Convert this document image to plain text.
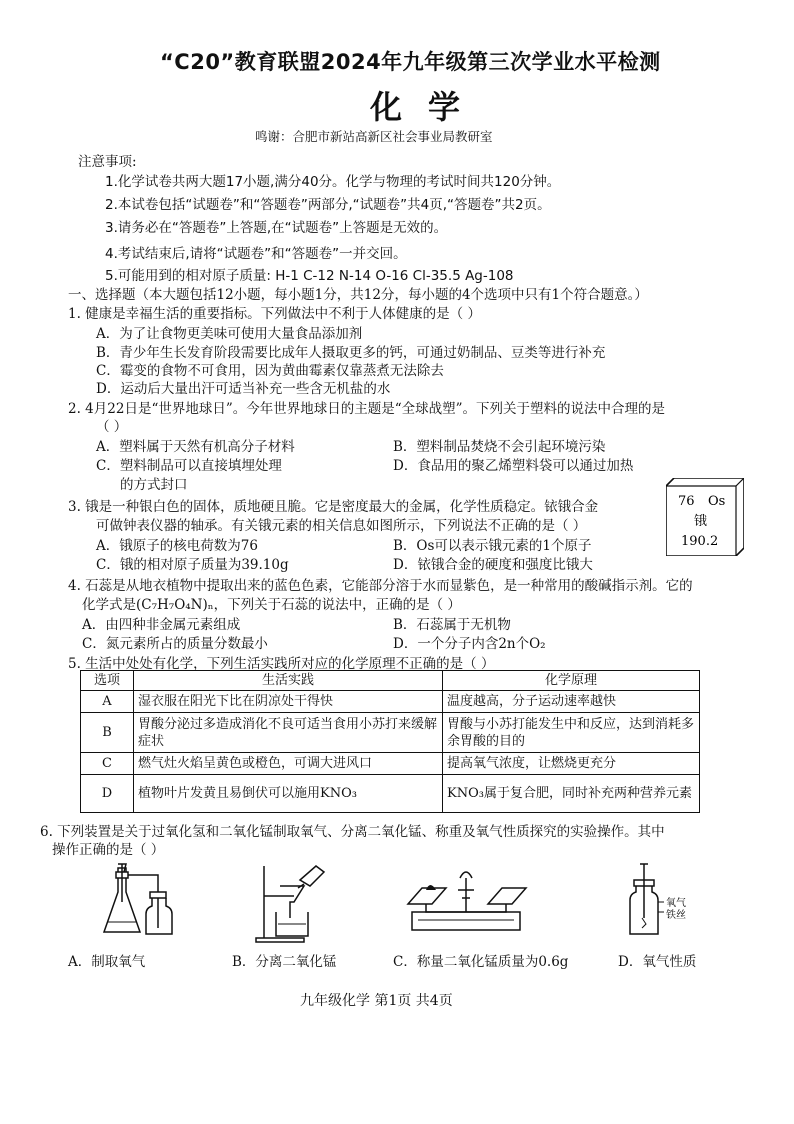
“C20”教育联盟2024年九年级第三次学业水平检测
化学
鸣谢：合肥市新站高新区社会事业局教研室
注意事项:
1.化学试卷共两大题17小题,满分40分。化学与物理的考试时间共120分钟。
2.本试卷包括“试题卷”和“答题卷”两部分,“试题卷”共4页,“答题卷”共2页。
3.请务必在“答题卷”上答题,在“试题卷”上答题是无效的。
4.考试结束后,请将“试题卷”和“答题卷”一并交回。
5.可能用到的相对原子质量: H-1 C-12 N-14 O-16 Cl-35.5 Ag-108
一、选择题（本大题包括12小题，每小题1分，共12分，每小题的4个选项中只有1个符合题意。）
1. 健康是幸福生活的重要指标。下列做法中不利于人体健康的是（ ）
A．为了让食物更美味可使用大量食品添加剂
B．青少年生长发育阶段需要比成年人摄取更多的钙，可通过奶制品、豆类等进行补充
C．霉变的食物不可食用，因为黄曲霉素仅靠蒸煮无法除去
D．运动后大量出汗可适当补充一些含无机盐的水
2. 4月22日是“世界地球日”。今年世界地球日的主题是“全球战塑”。下列关于塑料的说法中合理的是
（ ）
A．塑料属于天然有机高分子材料	B．塑料制品焚烧不会引起环境污染
C．塑料制品可以直接填埋处理	D．食品用的聚乙烯塑料袋可以通过加热
的方式封口
3. 锇是一种银白色的固体，质地硬且脆。它是密度最大的金属，化学性质稳定。铱锇合金
可做钟表仪器的轴承。有关锇元素的相关信息如图所示，下列说法不正确的是（ ）
A．锇原子的核电荷数为76	B．Os可以表示锇元素的1个原子
C．锇的相对原子质量为39.10g	D．铱锇合金的硬度和强度比锇大
76 Os
锇
190.2
4. 石蕊是从地衣植物中提取出来的蓝色色素，它能部分溶于水而显紫色，是一种常用的酸碱指示剂。它的
化学式是(C₇H₇O₄N)ₙ，下列关于石蕊的说法中，正确的是（ ）
A．由四种非金属元素组成	B．石蕊属于无机物
C．氮元素所占的质量分数最小	D．一个分子内含2n个O₂
5. 生活中处处有化学，下列生活实践所对应的化学原理不正确的是（ ）
选项	生活实践	化学原理
A	湿衣服在阳光下比在阴凉处干得快	温度越高，分子运动速率越快
B	胃酸分泌过多造成消化不良可适当食用小苏打来缓解症状	胃酸与小苏打能发生中和反应，达到消耗多余胃酸的目的
C	燃气灶火焰呈黄色或橙色，可调大进风口	提高氧气浓度，让燃烧更充分
D	植物叶片发黄且易倒伏可以施用KNO₃	KNO₃属于复合肥，同时补充两种营养元素
6. 下列装置是关于过氧化氢和二氧化锰制取氧气、分离二氧化锰、称重及氧气性质探究的实验操作。其中
操作正确的是（ ）
氧气
铁丝
A．制取氧气	B．分离二氧化锰	C．称量二氧化锰质量为0.6g	D．氧气性质
九年级化学 第1页 共4页
